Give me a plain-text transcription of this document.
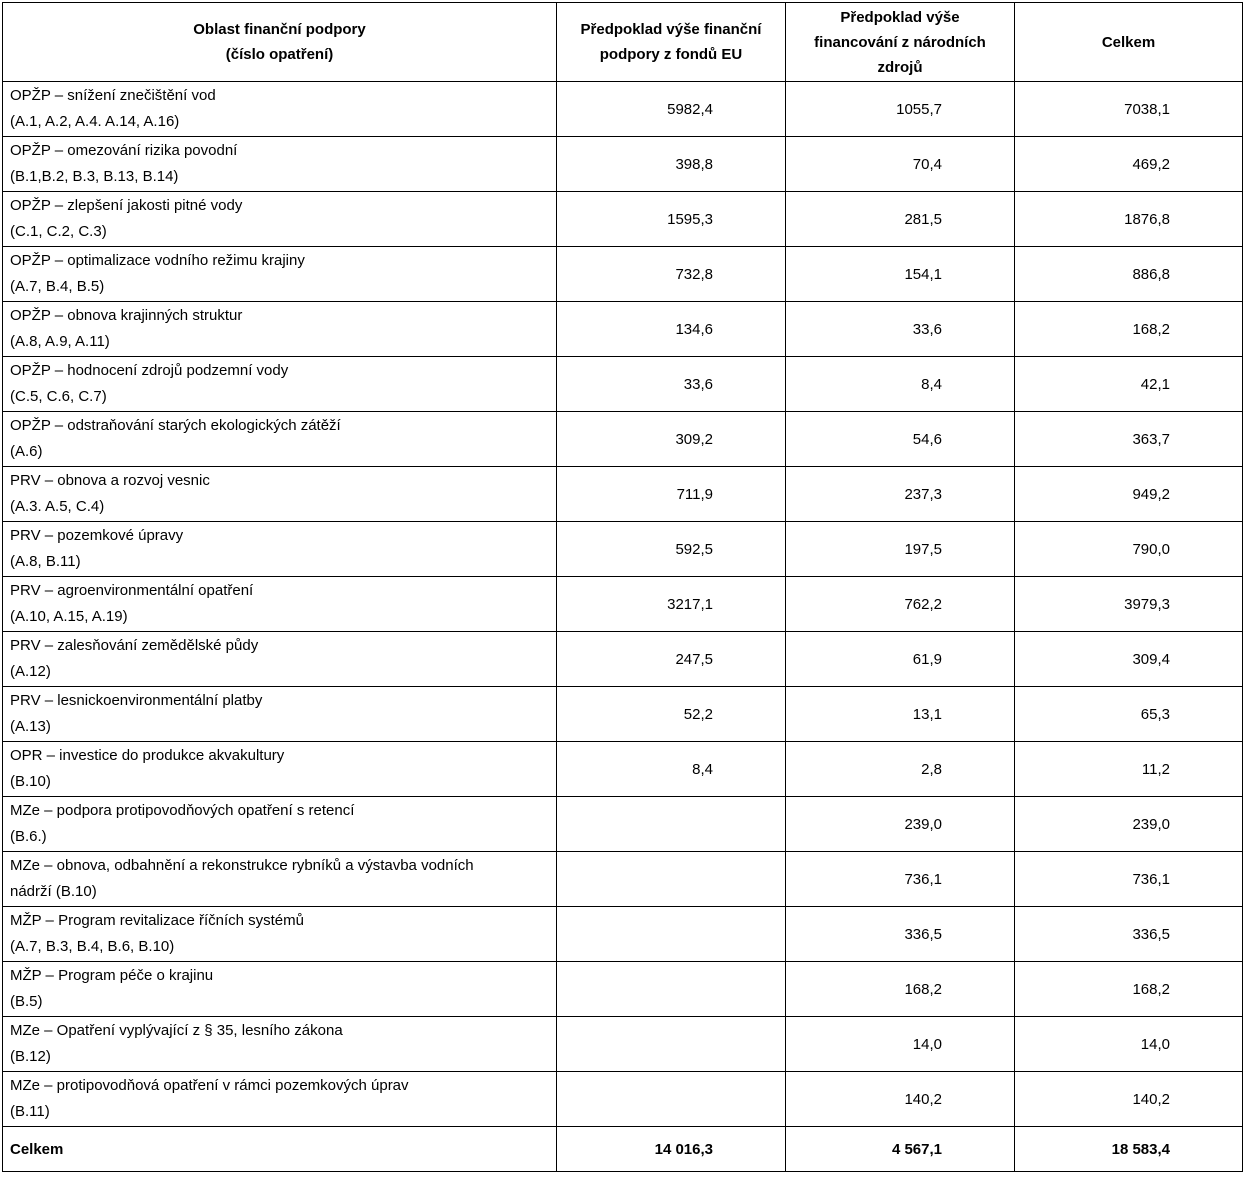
Oblast finanční podpory
(číslo opatření)	Předpoklad výše finanční
podpory z fondů EU	Předpoklad výše
financování z národních
zdrojů	Celkem

OPŽP – snížení znečištění vod
(A.1, A.2, A.4. A.14, A.16)	5982,4	1055,7	7038,1

OPŽP – omezování rizika povodní
(B.1,B.2, B.3, B.13, B.14)	398,8	70,4	469,2

OPŽP – zlepšení jakosti pitné vody
(C.1, C.2, C.3)	1595,3	281,5	1876,8

OPŽP – optimalizace vodního režimu krajiny
(A.7, B.4, B.5)	732,8	154,1	886,8

OPŽP – obnova krajinných struktur
(A.8, A.9, A.11)	134,6	33,6	168,2

OPŽP – hodnocení zdrojů podzemní vody
(C.5, C.6, C.7)	33,6	8,4	42,1

OPŽP – odstraňování starých ekologických zátěží
(A.6)	309,2	54,6	363,7

PRV – obnova a rozvoj vesnic
(A.3. A.5, C.4)	711,9	237,3	949,2

PRV – pozemkové úpravy
(A.8, B.11)	592,5	197,5	790,0

PRV – agroenvironmentální opatření
(A.10, A.15, A.19)	3217,1	762,2	3979,3

PRV – zalesňování zemědělské půdy
(A.12)	247,5	61,9	309,4

PRV – lesnickoenvironmentální platby
(A.13)	52,2	13,1	65,3

OPR – investice do produkce akvakultury
(B.10)	8,4	2,8	11,2

MZe – podpora protipovodňových opatření s retencí
(B.6.)		239,0	239,0

MZe – obnova, odbahnění a rekonstrukce rybníků a výstavba vodních
nádrží (B.10)		736,1	736,1

MŽP – Program revitalizace říčních systémů
(A.7, B.3, B.4, B.6, B.10)		336,5	336,5

MŽP – Program péče o krajinu
(B.5)		168,2	168,2

MZe – Opatření vyplývající z § 35, lesního zákona
(B.12)		14,0	14,0

MZe – protipovodňová opatření v rámci pozemkových úprav
(B.11)		140,2	140,2
Celkem	14 016,3	4 567,1	18 583,4
